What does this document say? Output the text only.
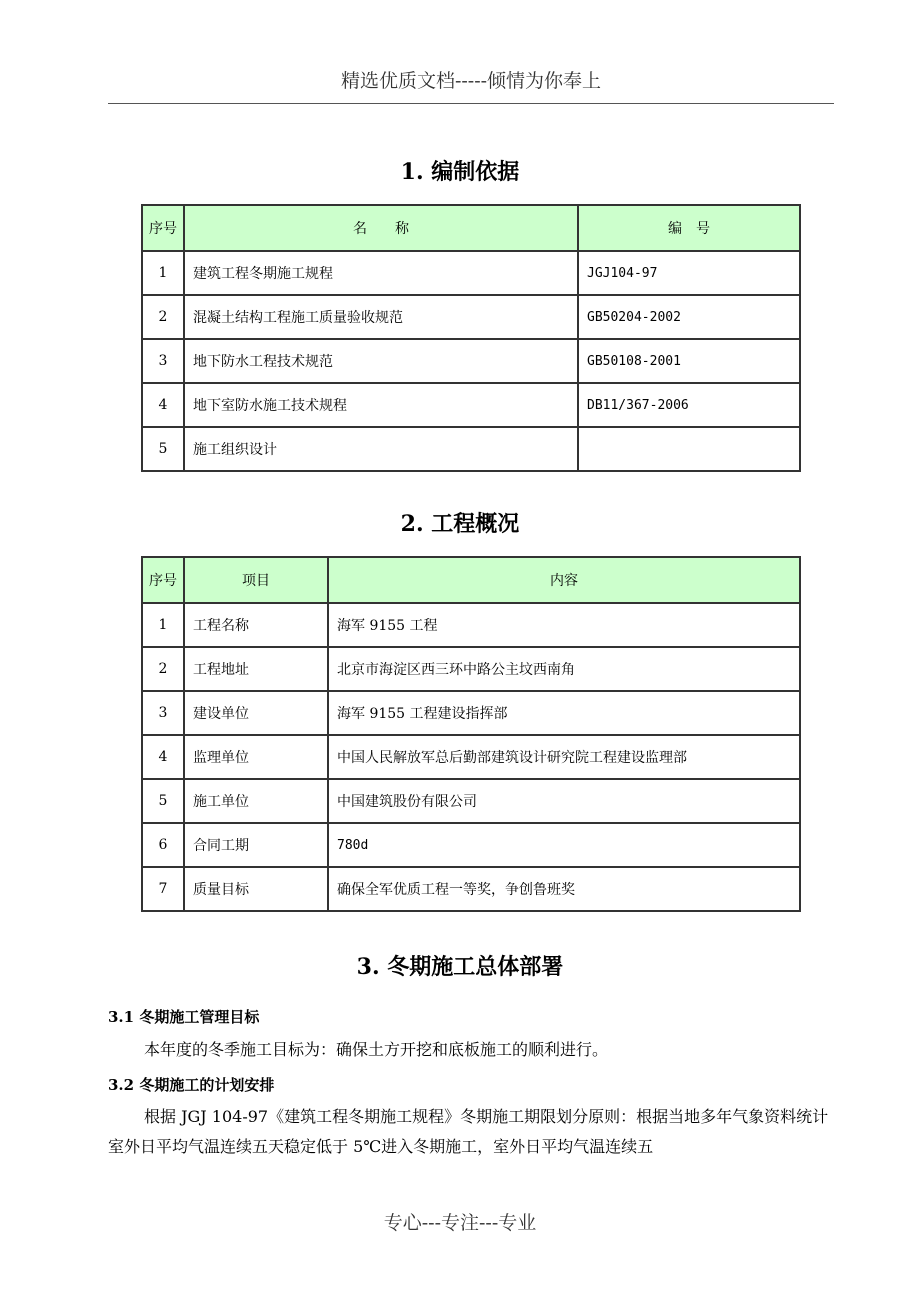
精选优质文档-----倾情为你奉上
1. 编制依据
序号	名　　称	编　号
1	建筑工程冬期施工规程	JGJ104-97
2	混凝土结构工程施工质量验收规范	GB50204-2002
3	地下防水工程技术规范	GB50108-2001
4	地下室防水施工技术规程	DB11/367-2006
5	施工组织设计	
2. 工程概况
序号	项目	内容
1	工程名称	海军 9155 工程
2	工程地址	北京市海淀区西三环中路公主坟西南角
3	建设单位	海军 9155 工程建设指挥部
4	监理单位	中国人民解放军总后勤部建筑设计研究院工程建设监理部
5	施工单位	中国建筑股份有限公司
6	合同工期	780d
7	质量目标	确保全军优质工程一等奖，争创鲁班奖
3. 冬期施工总体部署

3.1 冬期施工管理目标

本年度的冬季施工目标为：确保土方开挖和底板施工的顺利进行。

3.2 冬期施工的计划安排

根据 JGJ 104-97《建筑工程冬期施工规程》冬期施工期限划分原则：根据当地多年气象资料统计室外日平均气温连续五天稳定低于 5℃进入冬期施工，室外日平均气温连续五

专心---专注---专业
